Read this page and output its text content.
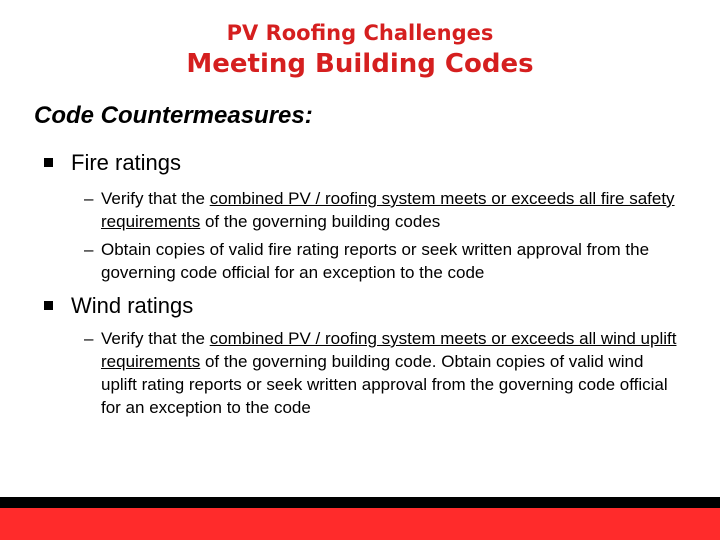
PV Roofing Challenges
Meeting Building Codes
Code Countermeasures:
Fire ratings
– Verify that the combined PV / roofing system meets or exceeds all fire safety requirements of the governing building codes
– Obtain copies of valid fire rating reports or seek written approval from the governing code official for an exception to the code
Wind ratings
– Verify that the combined PV / roofing system meets or exceeds all wind uplift requirements of the governing building code. Obtain copies of valid wind uplift rating reports or seek written approval from the governing code official for an exception to the code
